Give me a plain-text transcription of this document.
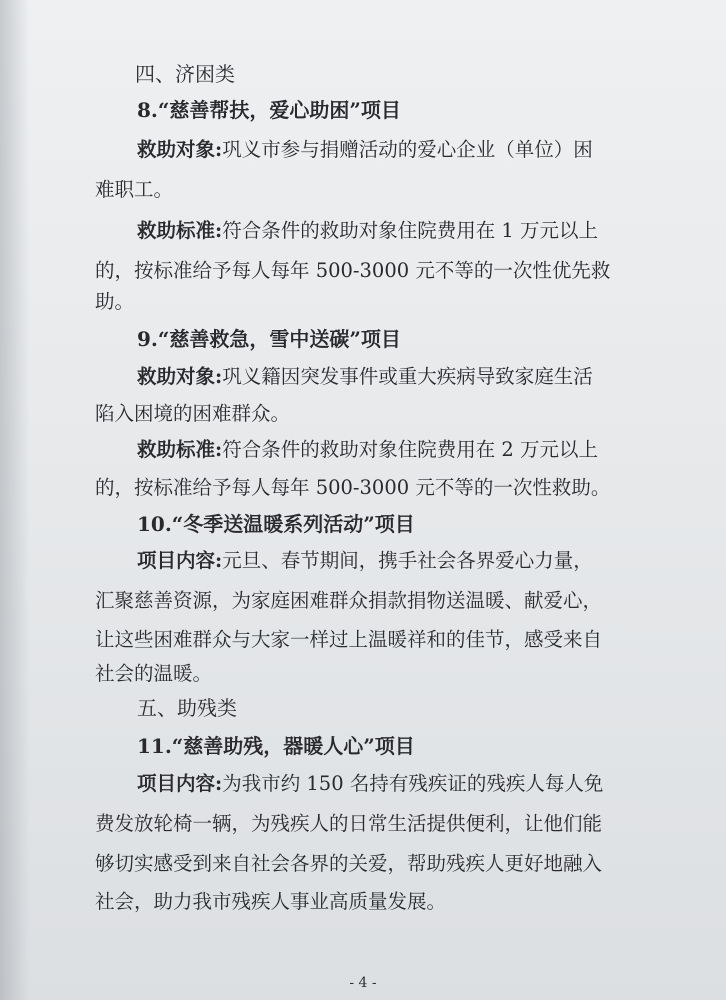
四、济困类
8.“慈善帮扶，爱心助困”项目
救助对象:巩义市参与捐赠活动的爱心企业（单位）困
难职工。
救助标准:符合条件的救助对象住院费用在 1 万元以上
的，按标准给予每人每年 500-3000 元不等的一次性优先救
助。
9.“慈善救急，雪中送碳”项目
救助对象:巩义籍因突发事件或重大疾病导致家庭生活
陷入困境的困难群众。
救助标准:符合条件的救助对象住院费用在 2 万元以上
的，按标准给予每人每年 500-3000 元不等的一次性救助。
10.“冬季送温暖系列活动”项目
项目内容:元旦、春节期间，携手社会各界爱心力量，
汇聚慈善资源，为家庭困难群众捐款捐物送温暖、献爱心，
让这些困难群众与大家一样过上温暖祥和的佳节，感受来自
社会的温暖。
五、助残类
11.“慈善助残，器暖人心”项目
项目内容:为我市约 150 名持有残疾证的残疾人每人免
费发放轮椅一辆，为残疾人的日常生活提供便利，让他们能
够切实感受到来自社会各界的关爱，帮助残疾人更好地融入
社会，助力我市残疾人事业高质量发展。
- 4 -
